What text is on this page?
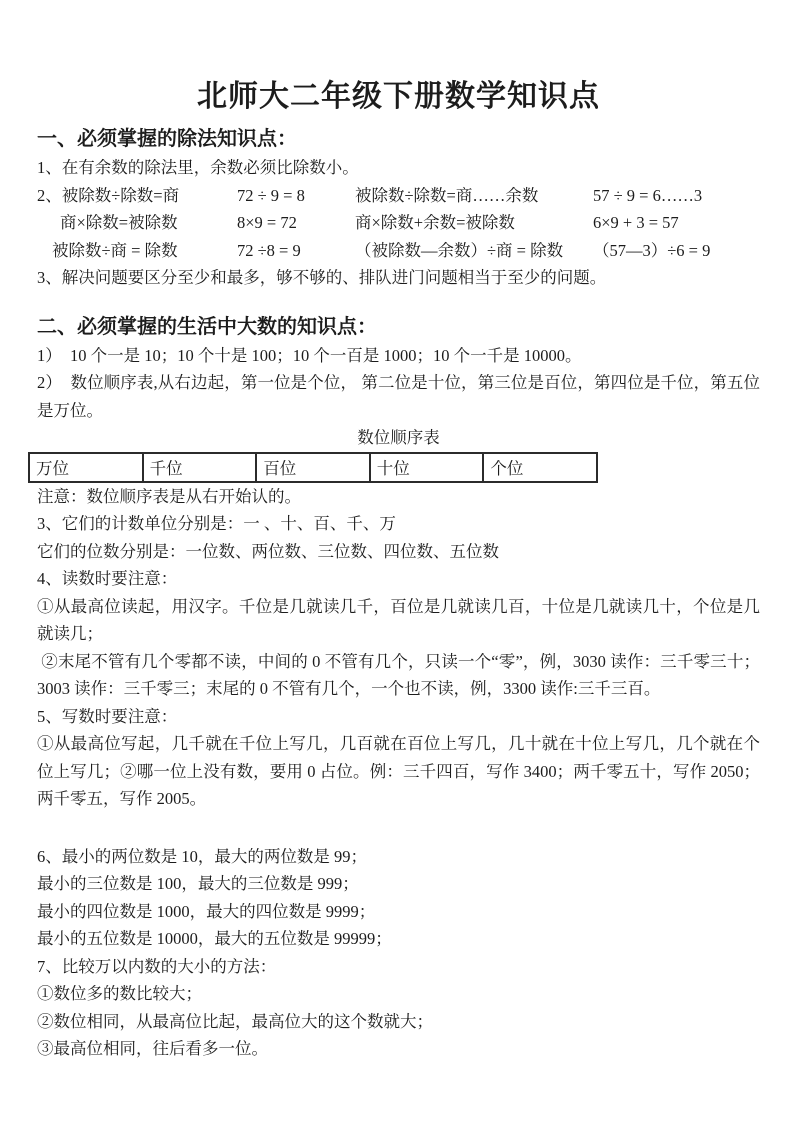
北师大二年级下册数学知识点
一、必须掌握的除法知识点：
1、在有余数的除法里，余数必须比除数小。
2、被除数÷除数=商	72 ÷ 9 = 8	被除数÷除数=商……余数	57 ÷ 9 = 6……3
商×除数=被除数	8×9 = 72	商×除数+余数=被除数	6×9 + 3 = 57
被除数÷商 = 除数	72 ÷8 = 9	（被除数—余数）÷商 = 除数	（57—3）÷6 = 9
3、解决问题要区分至少和最多，够不够的、排队进门问题相当于至少的问题。
二、必须掌握的生活中大数的知识点：
1）  10 个一是 10；10 个十是 100；10 个一百是 1000；10 个一千是 10000。
2）  数位顺序表,从右边起，第一位是个位， 第二位是十位，第三位是百位，第四位是千位，第五位是万位。
数位顺序表
万位	千位	百位	十位	个位
注意：数位顺序表是从右开始认的。
3、它们的计数单位分别是：一 、十、百、千、万
它们的位数分别是：一位数、两位数、三位数、四位数、五位数
4、读数时要注意：
①从最高位读起，用汉字。千位是几就读几千，百位是几就读几百，十位是几就读几十，个位是几就读几；
②末尾不管有几个零都不读，中间的 0 不管有几个，只读一个“零”，例，3030 读作：三千零三十；3003 读作：三千零三；末尾的 0 不管有几个，一个也不读，例，3300 读作:三千三百。
5、写数时要注意：
①从最高位写起，几千就在千位上写几，几百就在百位上写几，几十就在十位上写几，几个就在个位上写几；②哪一位上没有数，要用 0 占位。例：三千四百，写作 3400；两千零五十，写作 2050；两千零五，写作 2005。
6、最小的两位数是 10，最大的两位数是 99；
最小的三位数是 100，最大的三位数是 999；
最小的四位数是 1000，最大的四位数是 9999；
最小的五位数是 10000，最大的五位数是 99999；
7、比较万以内数的大小的方法：
①数位多的数比较大；
②数位相同，从最高位比起，最高位大的这个数就大；
③最高位相同，往后看多一位。
